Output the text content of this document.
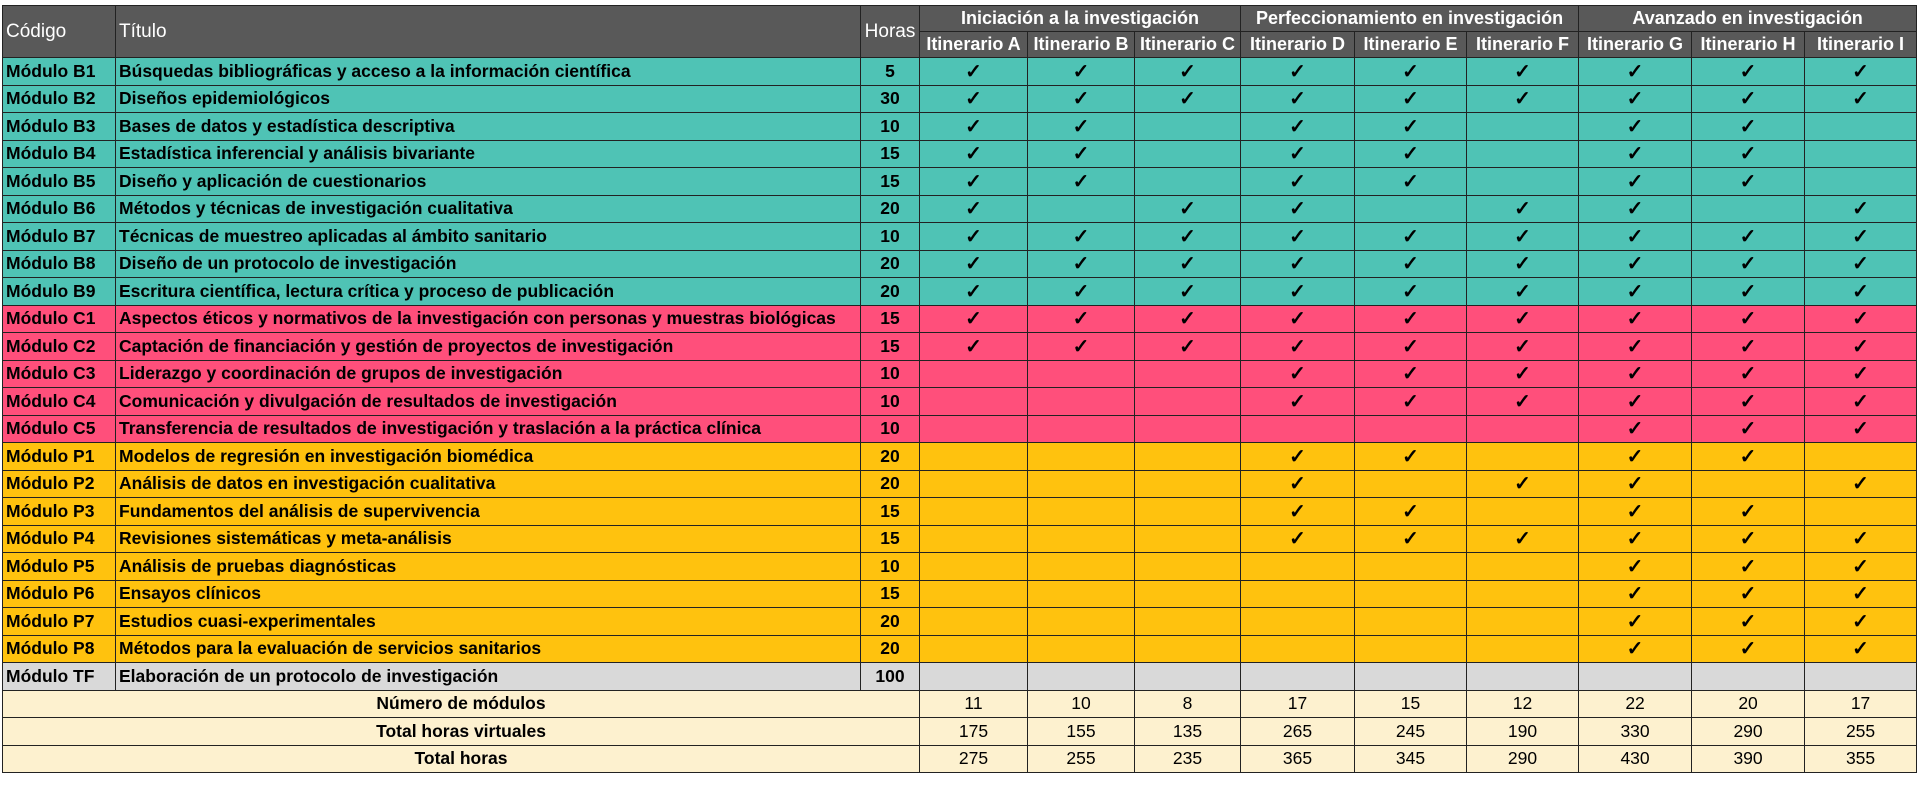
Código	Título	Horas	Iniciación a la investigación			Perfeccionamiento en investigación			Avanzado en investigación		
			Itinerario A	Itinerario B	Itinerario C	Itinerario D	Itinerario E	Itinerario F	Itinerario G	Itinerario H	Itinerario I
Módulo B1	Búsquedas bibliográficas y acceso a la información científica	5	✓	✓	✓	✓	✓	✓	✓	✓	✓
Módulo B2	Diseños epidemiológicos	30	✓	✓	✓	✓	✓	✓	✓	✓	✓
Módulo B3	Bases de datos y estadística descriptiva	10	✓	✓		✓	✓		✓	✓	
Módulo B4	Estadística inferencial y análisis bivariante	15	✓	✓		✓	✓		✓	✓	
Módulo B5	Diseño y aplicación de cuestionarios	15	✓	✓		✓	✓		✓	✓	
Módulo B6	Métodos y técnicas de investigación cualitativa	20	✓		✓	✓		✓	✓		✓
Módulo B7	Técnicas de muestreo aplicadas al ámbito sanitario	10	✓	✓	✓	✓	✓	✓	✓	✓	✓
Módulo B8	Diseño de un protocolo de investigación	20	✓	✓	✓	✓	✓	✓	✓	✓	✓
Módulo B9	Escritura científica, lectura crítica y proceso de publicación	20	✓	✓	✓	✓	✓	✓	✓	✓	✓
Módulo C1	Aspectos éticos y normativos de la investigación con personas y muestras biológicas	15	✓	✓	✓	✓	✓	✓	✓	✓	✓
Módulo C2	Captación de financiación y gestión de proyectos de investigación	15	✓	✓	✓	✓	✓	✓	✓	✓	✓
Módulo C3	Liderazgo y coordinación de grupos de investigación	10				✓	✓	✓	✓	✓	✓
Módulo C4	Comunicación y divulgación de resultados de investigación	10				✓	✓	✓	✓	✓	✓
Módulo C5	Transferencia de resultados de investigación y traslación a la práctica clínica	10							✓	✓	✓
Módulo P1	Modelos de regresión en investigación biomédica	20				✓	✓		✓	✓	
Módulo P2	Análisis de datos en investigación cualitativa	20				✓		✓	✓		✓
Módulo P3	Fundamentos del análisis de supervivencia	15				✓	✓		✓	✓	
Módulo P4	Revisiones sistemáticas y meta-análisis	15				✓	✓	✓	✓	✓	✓
Módulo P5	Análisis de pruebas diagnósticas	10							✓	✓	✓
Módulo P6	Ensayos clínicos	15							✓	✓	✓
Módulo P7	Estudios cuasi-experimentales	20							✓	✓	✓
Módulo P8	Métodos para la evaluación de servicios sanitarios	20							✓	✓	✓
Módulo TF	Elaboración de un protocolo de investigación	100									
Número de módulos			11	10	8	17	15	12	22	20	17
Total horas virtuales			175	155	135	265	245	190	330	290	255
Total horas			275	255	235	365	345	290	430	390	355
